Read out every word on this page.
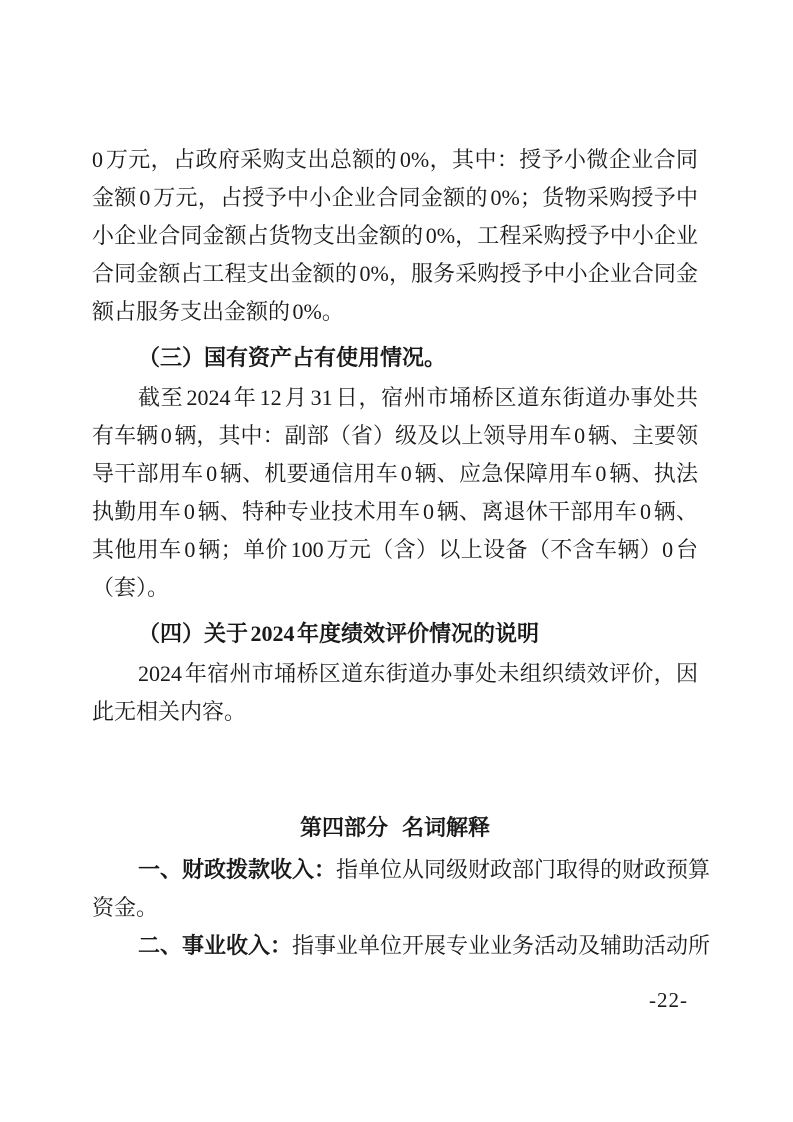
0 万元，占政府采购支出总额的 0%，其中：授予小微企业合同
金额 0 万元，占授予中小企业合同金额的 0%；货物采购授予中
小企业合同金额占货物支出金额的 0%，工程采购授予中小企业
合同金额占工程支出金额的 0%，服务采购授予中小企业合同金
额占服务支出金额的 0%。
（三）国有资产占有使用情况。
截至 2024 年 12 月 31 日，宿州市埇桥区道东街道办事处共
有车辆 0 辆，其中：副部（省）级及以上领导用车 0 辆、主要领
导干部用车 0 辆、机要通信用车 0 辆、应急保障用车 0 辆、执法
执勤用车 0 辆、特种专业技术用车 0 辆、离退休干部用车 0 辆、
其他用车 0 辆；单价 100 万元（含）以上设备（不含车辆）0 台
（套）。
（四）关于 2024 年度绩效评价情况的说明
2024 年宿州市埇桥区道东街道办事处未组织绩效评价，因
此无相关内容。
第四部分 名词解释
一、财政拨款收入：指单位从同级财政部门取得的财政预算
资金。
二、事业收入：指事业单位开展专业业务活动及辅助活动所
-22-
